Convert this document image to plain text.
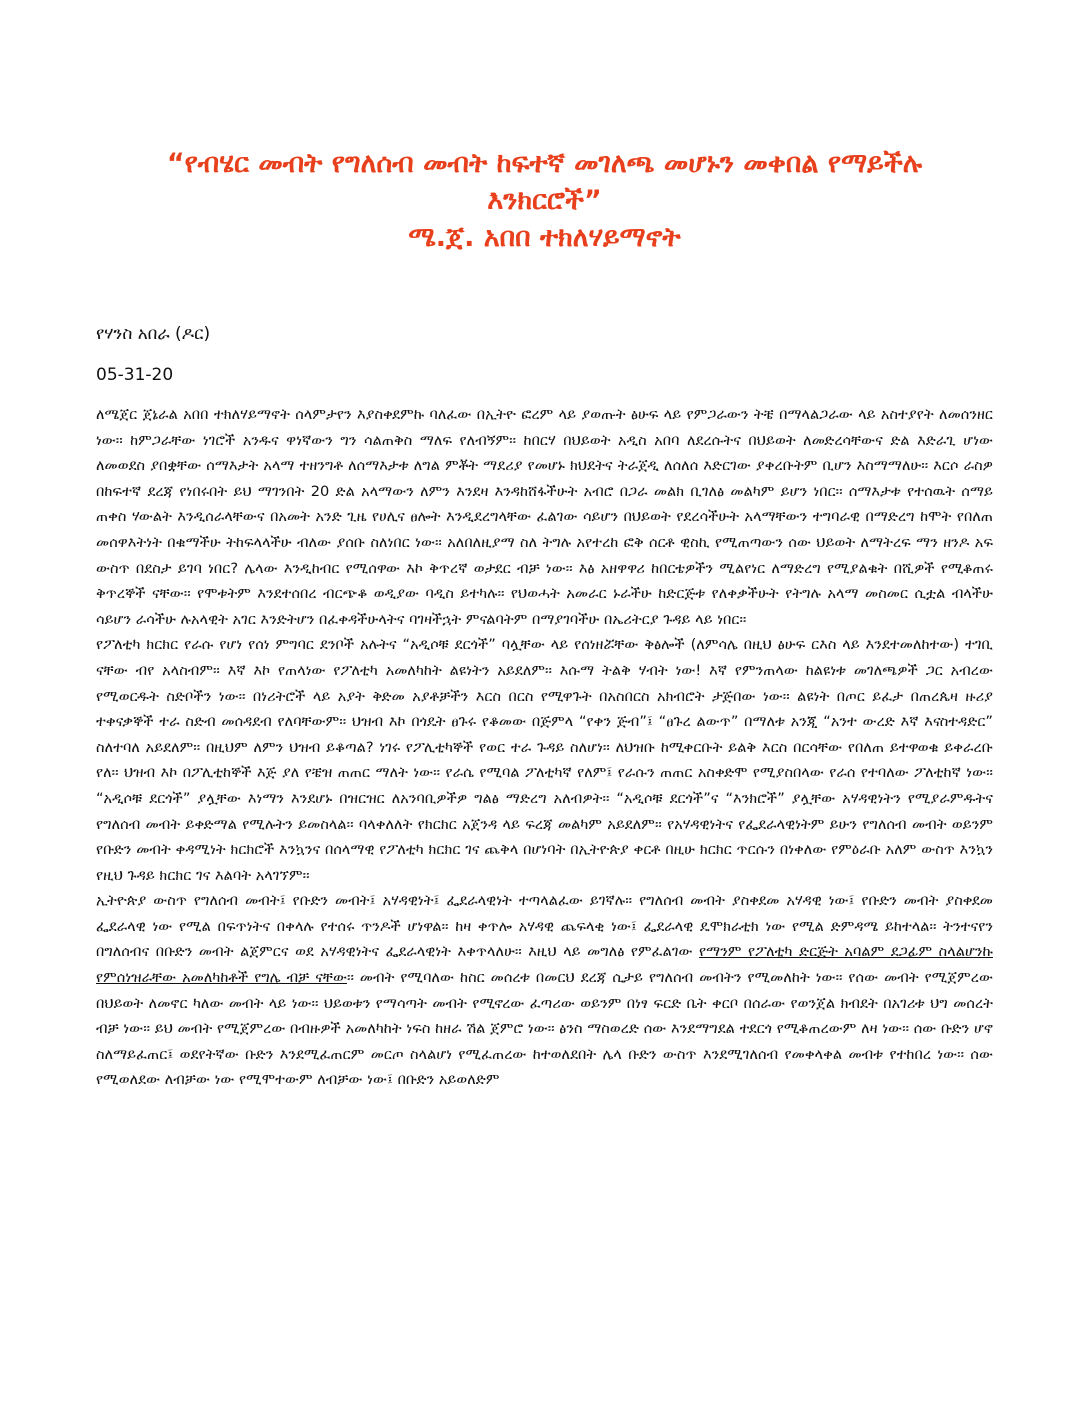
“የብሄር መብት የግለሰብ መብት ከፍተኛ መገለጫ መሆኑን መቀበል የማይችሉ
እንክርሮች”
ሜ.ጀ. አበበ ተክለሃይማኖት

የሃንስ አበራ (ዶር)

05-31-20

ለሜጀር ጀኔራል አበበ ተክለሃይማኖት ሰላምታየን እያስቀደምኩ ባለፈው በኢትዮ ፎረም ላይ ያወጡት ፅሁፍ ላይ የምጋራውን ትቼ በማላልጋራው ላይ አስተያየት ለመሰንዘር ነው፡፡ ከምጋራቸው ነገሮች አንዱና ዋነኛውን ግን ሳልጠቅስ ማለፍ የለብኝም፡፡ ከበርሃ በህይወት አዲስ አበባ ለደረሱትና በህይወት ለመድረሳቸውና ድል እድራጊ ሆነው ለመወደስ ያበቋቸው ሰማእታት አላማ ተዘንግቶ ለሰማእታቱ ለግል ምቾት ማደሪያ የመሆኑ ክህደትና ትራጀዲ ለሰለሰ እድርገው ያቀረቡትም ቢሆን እስማማለሁ፡፡ እርሶ ራስዎ በከፍተኛ ደረጃ የነበሩበት ይህ ማገንበት 20 ድል አላማውን ለምን እንደዛ እንዳከሸፋችሁት አብሮ በጋራ መልክ ቢገለፅ መልካም ይሆን ነበር፡፡ ሰማእታቱ የተሰዉት ሰማይ ጠቀስ ሃውልት እንዲሰራላቸውና በአመት አንድ ጊዜ የሀሊና ፀሎት እንዲደረግላቸው ፈልገው ሳይሆን በህይወት የደረሳችሁት አላማቸውን ተግባራዊ በማድረግ ከሞት የበለጠ መሰዋእትነት በቁማችሁ ትከፍላላችሁ ብለው ያሰቡ ስለነበር ነው፡፡ አለበለዚያማ ስለ ትግሉ አየተረከ ፎቅ ሰርቶ ዊስኪ የሚጠጣውን ሰው ህይወት ለማትረፍ ማን ዘንዶ አፍ ውስጥ በደስታ ይገባ ነበር? ሌላው እንዲከብር የሚሰዋው እኮ ቅጥረኛ ወታደር ብቻ ነው፡፡ እፅ አዘዋዋሪ ከበርቴዎችን ሚልየነር ለማድረግ የሚያልቁት በሺዎች የሚቆጠሩ ቅጥረኞች ናቸው፡፡ የሞቱትም እንደተሰበረ ብርጭቆ ወዲያው ባዲስ ይተካሉ፡፡ የህወሓት አመራር ኑራችሁ ከድርጅቱ የለቀቃችሁት የትግሉ አላማ መስመር ሲቷል ብላችሁ ሳይሆን ራሳችሁ ሉአላዊት አገር እንድትሆን በፈቀዳችሁላትና ባገዛችኋት ምናልባትም በማያገባችሁ በኤሪትርያ ጉዳይ ላይ ነበር፡፡

የፖለቲካ ክርክር የራሱ የሆነ የሰነ ምግባር ደንቦች አሉትና “አዲሶቹ ደርጎች” ባሏቸው ላይ የሰነዘሯቸው ቅፅሎች (ለምሳሌ በዚህ ፅሁፍ ርእስ ላይ እንደተመለከተው) ተገቢ ናቸው ብየ አላስብም፡፡ እኛ እኮ የጠላነው የፖለቲካ አመለካከት ልዩነትን አይደለም፡፡ እሱማ ትልቅ ሃብት ነው! እኛ የምንጠላው ከልዩነቱ መገለጫዎች ጋር አብረው የሚወርዱት ስድቦችን ነው፡፡ በነሪትሮች ላይ አያት ቅድመ አያቶቻችን እርስ በርስ የሚዋጉት በአስበርስ አክብሮት ታጅበው ነው፡፡ ልዩነት በጦር ይፈታ በጠረጴዛ ዙሪያ ተቀናቃኞች ተራ ስድብ መሰዳደብ የለባቸውም፡፡ ህዝብ እኮ በጎዴት ፀጉሩ የቆመው በጅምላ “የቀን ጅብ”፤ “ፀጉረ ልውጥ” በማለቱ አንጂ “አንተ ውረድ እኛ እናስተዳድር” ስለተባለ አይደለም፡፡ በዚህም ለምን ህዝብ ይቆጣል? ነገሩ የፖሊቲካኞች የወር ተራ ጉዳይ ስለሆነ፡፡ ለህዝቡ ከሚቀርቡት ይልቅ እርስ በርሳቸው የበለጠ ይተዋወቁ ይቀራረቡ የለ፡፡ ህዝብ እኮ በፖሊቲከኞች እጅ ያለ የቼዝ ጠጠር ማለት ነው፡፡ የራሴ የሚባል ፖለቲካኛ የለም፤ የራሱን ጠጠር አስቀድሞ የሚያስበላው የራሰ የተባለው ፖለቲከኛ ነው፡፡ “አዲሶቹ ደርጎች” ያሏቸው እነማን እንደሆኑ በዝርዝር ለአንባቢዎችዎ ግልፅ ማድረግ አለብዎት፡፡ “አዲሶቹ ደርጎች”ና “እንክሮች” ያሏቸው አሃዳዊነትን የሚያራምዱትና የግለሰብ መብት ይቀድማል የሚሉትን ይመስላል፡፡ ባላቀለለት የክርክር አጀንዳ ላይ ፍረጃ መልካም አይደለም፡፡ የአሃዳዊነትና የፌደራላዊነትም ይሁን የግለሰብ መብት ወይንም የቡድን መብት ቀዳሚነት ክርክሮች እንኳንና በሰላማዊ የፖለቲካ ክርክር ገና ጨቅላ በሆነባት በኢትዮጵያ ቀርቶ በዚሁ ክርክር ጥርሱን በነቀለው የምዕራቡ አለም ውስጥ እንኳን የዚህ ጉዳይ ክርክር ገና እልባት አላገኘም፡፡

ኢትዮጵያ ውስጥ የግለሰብ መብት፤ የቡድን መብት፤ አሃዳዊነት፤ ፌደራላዊነት ተጣላልፈው ይገኛሉ፡፡ የግለሰብ መብት ያስቀደመ አሃዳዊ ነው፤ የቡድን መብት ያስቀደመ ፌደራላዊ ነው የሚል በፍጥነትና በቀላሉ የተሰሩ ጥንዶች ሆነዋል፡፡ ከዛ ቀጥሎ አሃዳዊ ጨፍላቂ ነው፤ ፌደራላዊ ዴሞክራቲክ ነው የሚል ድምዳሜ ይከተላል፡፡ ትንተናየን በግለሰብና በቡድን መብት ልጀምርና ወደ አሃዳዊነትና ፌደራላዊነት እቀጥላለሁ፡፡ እዚህ ላይ መግለፅ የምፈልገው የማንም የፖለቲካ ድርጅት አባልም ደጋፊም ስላልሆንኩ የምሰነዝራቸው አመለካከቶች የግሌ ብቻ ናቸው፡፡ መብት የሚባለው ከስር መሰረቱ በመርህ ደረጃ ሲታይ የግለሰብ መብትን የሚመለከት ነው፡፡ የሰው መብት የሚጀምረው በህይወት ለመኖር ካለው መብት ላይ ነው፡፡ ህይወቱን የማሳጣት መብት የሚኖረው ፈጣሪው ወይንም በነፃ ፍርድ ቤት ቀርቦ በሰራው የወንጀል ክብደት በአገሪቱ ህግ መሰረት ብቻ ነው፡፡ ይህ መብት የሚጀምረው በብዙዎች አመለካከት ነፍስ ከዘራ ሽል ጀምሮ ነው፡፡ ፅንስ ማስወረድ ሰው እንደማግደል ተደርጎ የሚቆጠረውም ለዛ ነው፡፡ ሰው ቡድን ሆኖ ስለማይፈጠር፤ ወደየትኛው ቡድን እንደሚፈጠርም መርጦ ስላልሆነ የሚፈጠረው ከተወለደበት ሌላ ቡድን ውስጥ እንደሚገለሰብ የመቀላቀል መብቱ የተከበረ ነው፡፡ ሰው የሚወለደው ለብቻው ነው የሚሞተውም ለብቻው ነው፤ በቡድን አይወለድም
